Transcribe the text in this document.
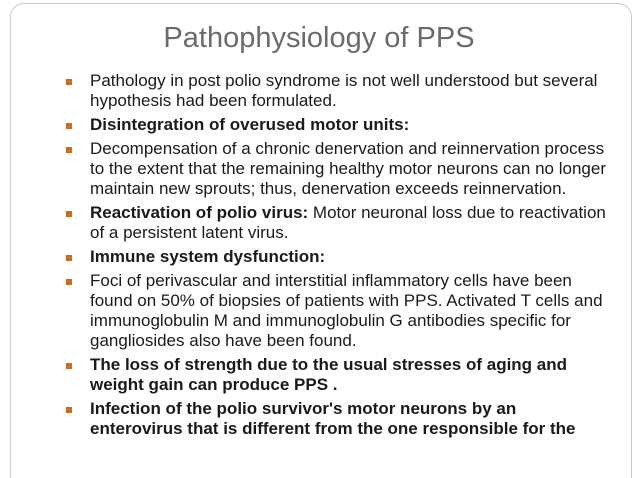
Pathophysiology of PPS
Pathology in post polio syndrome is not well understood but several hypothesis had been formulated.
Disintegration of overused motor units:
Decompensation of a chronic denervation and reinnervation process to the extent that the remaining healthy motor neurons can no longer maintain new sprouts; thus, denervation exceeds reinnervation.
Reactivation of polio virus: Motor neuronal loss due to reactivation of a persistent latent virus.
Immune system dysfunction:
Foci of perivascular and interstitial inflammatory cells have been found on 50% of biopsies of patients with PPS. Activated T cells and immunoglobulin M and immunoglobulin G antibodies specific for gangliosides also have been found.
The loss of strength due to the usual stresses of aging and weight gain can produce PPS .
Infection of the polio survivor's motor neurons by an enterovirus that is different from the one responsible for the
